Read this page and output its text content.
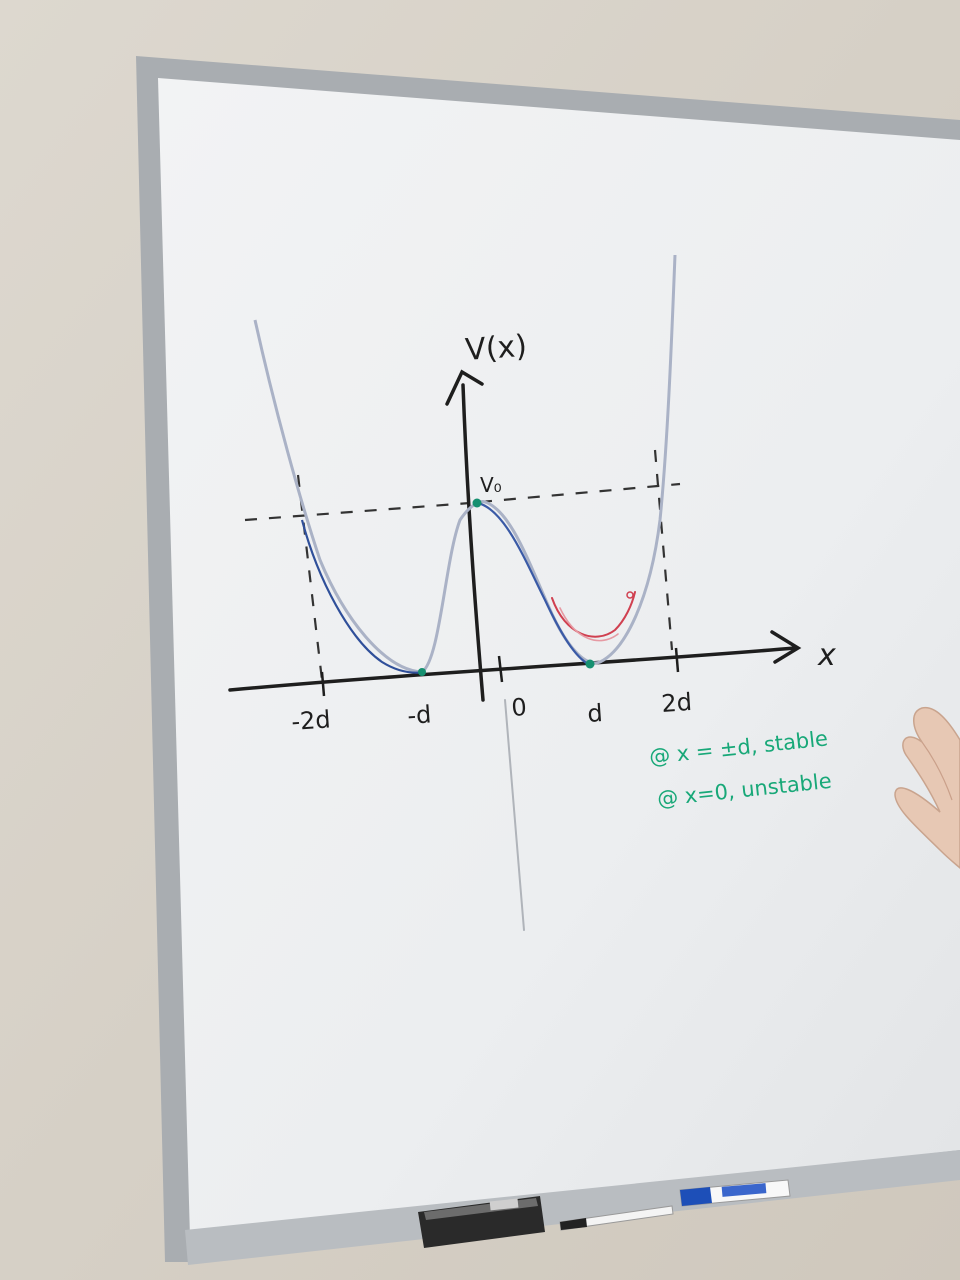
V(x)
x
V₀
-2d	-d	0 d 2d
@ x = ±d, stable
@ x=0, unstable
